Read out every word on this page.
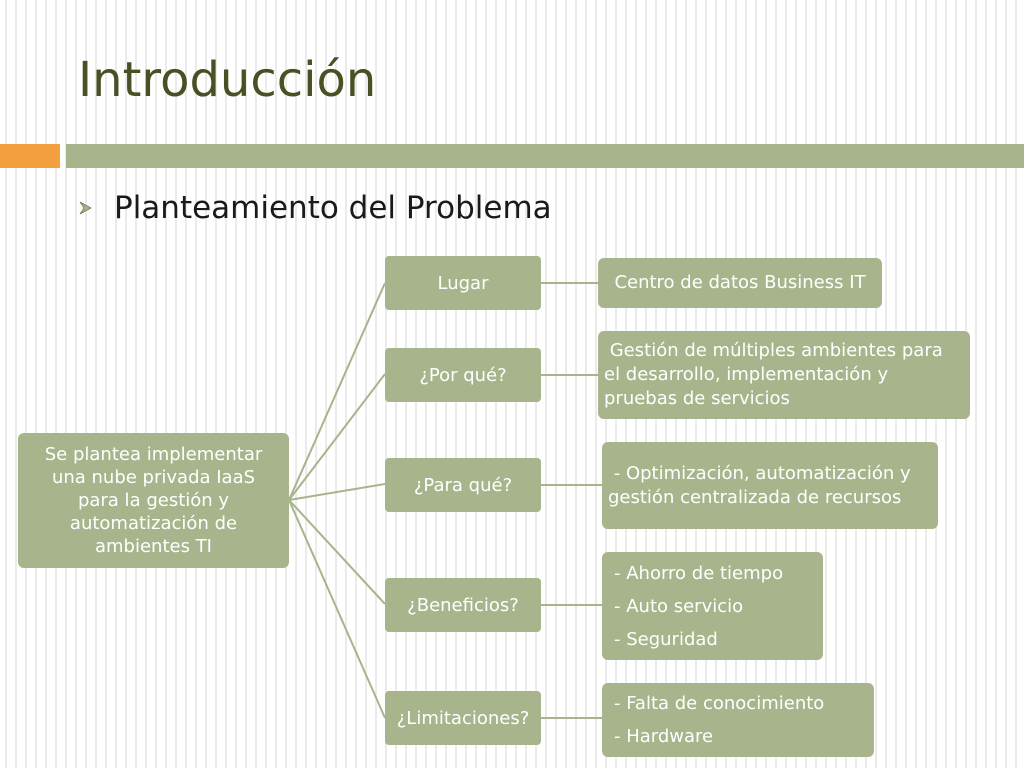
Introducción
Planteamiento del Problema
Se plantea implementar una nube privada IaaS para la gestión y automatización de ambientes TI
Lugar
¿Por qué?
¿Para qué?
¿Beneficios?
¿Limitaciones?
Centro de datos Business IT
Gestión de múltiples ambientes para el desarrollo, implementación y pruebas de servicios
- Optimización, automatización y gestión centralizada de recursos
- Ahorro de tiempo
- Auto servicio
- Seguridad
- Falta de conocimiento
- Hardware
